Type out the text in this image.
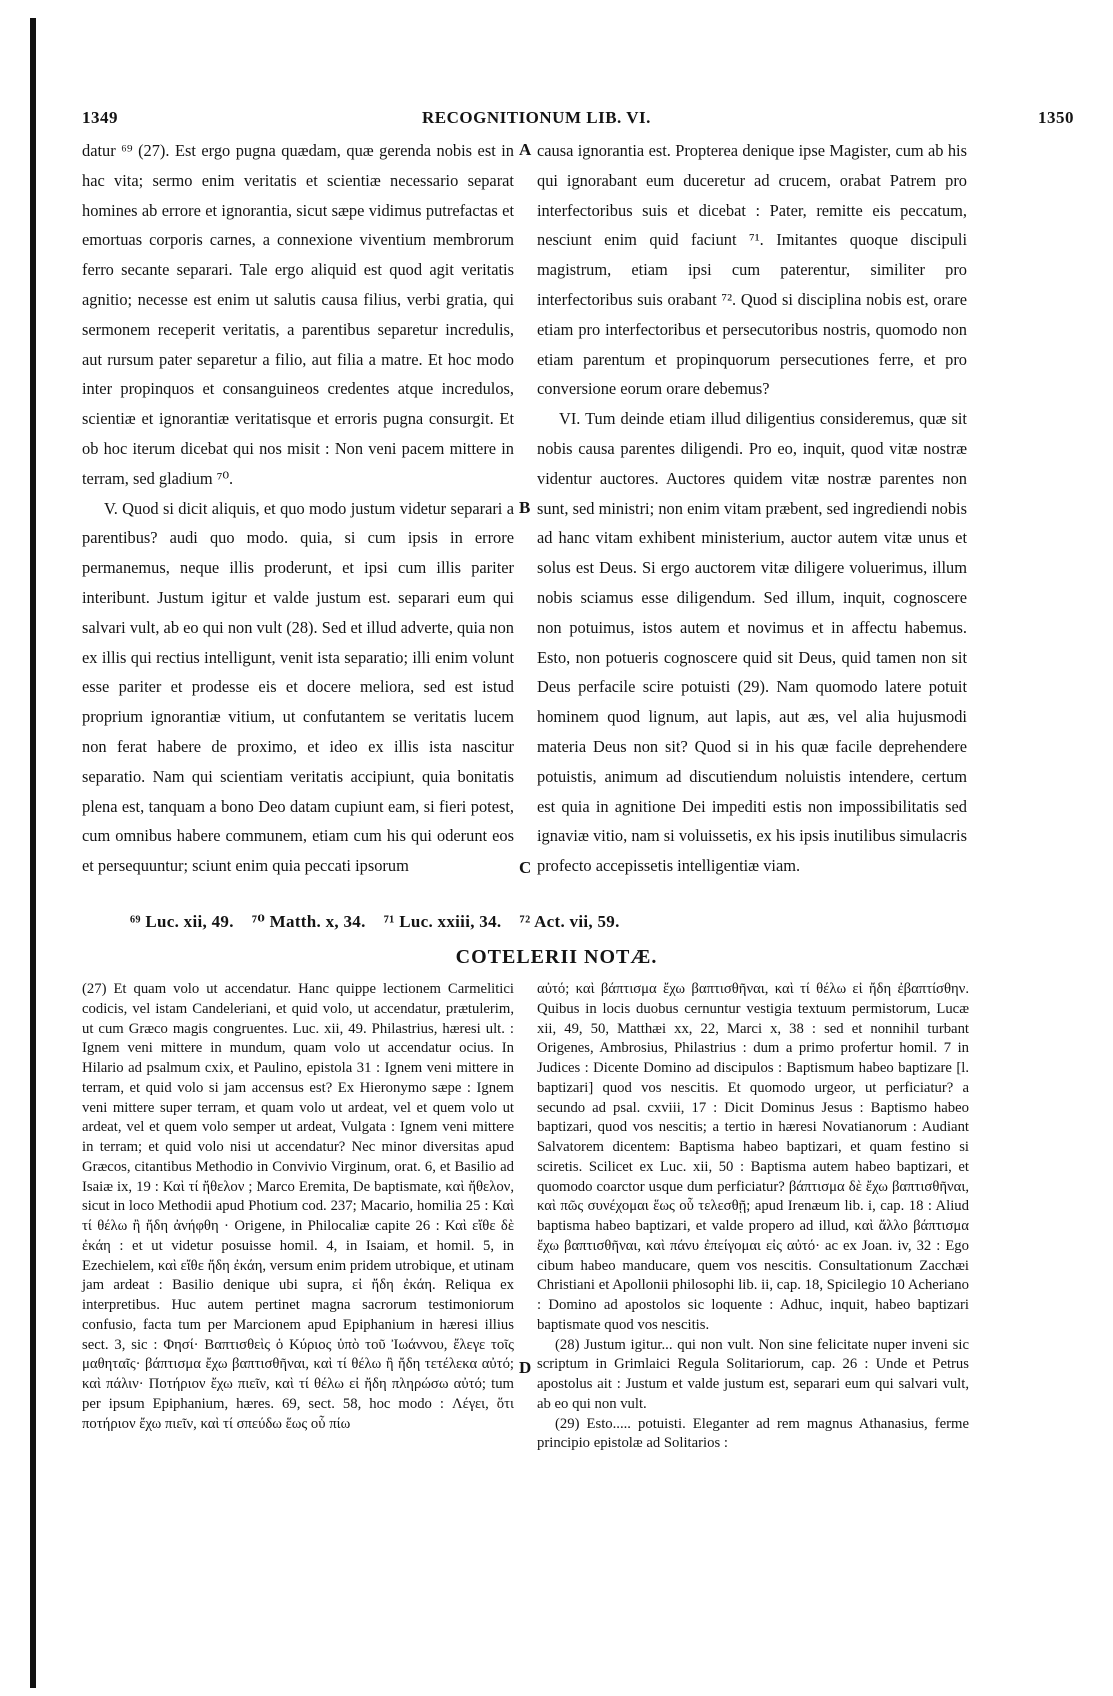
1349	RECOGNITIONUM LIB. VI.	1350

datur ⁶⁹ (27). Est ergo pugna quædam, quæ gerenda nobis est in hac vita; sermo enim veritatis et scientiæ necessario separat homines ab errore et ignorantia, sicut sæpe vidimus putrefactas et emortuas corporis carnes, a connexione viventium membrorum ferro secante separari. Tale ergo aliquid est quod agit veritatis agnitio; necesse est enim ut salutis causa filius, verbi gratia, qui sermonem receperit veritatis, a parentibus separetur incredulis, aut rursum pater separetur a filio, aut filia a matre. Et hoc modo inter propinquos et consanguineos credentes atque incredulos, scientiæ et ignorantiæ veritatisque et erroris pugna consurgit. Et ob hoc iterum dicebat qui nos misit : Non veni pacem mittere in terram, sed gladium ⁷⁰.

V. Quod si dicit aliquis, et quo modo justum videtur separari a parentibus? audi quo modo. quia, si cum ipsis in errore permanemus, neque illis proderunt, et ipsi cum illis pariter interibunt. Justum igitur et valde justum est. separari eum qui salvari vult, ab eo qui non vult (28). Sed et illud adverte, quia non ex illis qui rectius intelligunt, venit ista separatio; illi enim volunt esse pariter et prodesse eis et docere meliora, sed est istud proprium ignorantiæ vitium, ut confutantem se veritatis lucem non ferat habere de proximo, et ideo ex illis ista nascitur separatio. Nam qui scientiam veritatis accipiunt, quia bonitatis plena est, tanquam a bono Deo datam cupiunt eam, si fieri potest, cum omnibus habere communem, etiam cum his qui oderunt eos et persequuntur; sciunt enim quia peccati ipsorum

causa ignorantia est. Propterea denique ipse Magister, cum ab his qui ignorabant eum duceretur ad crucem, orabat Patrem pro interfectoribus suis et dicebat : Pater, remitte eis peccatum, nesciunt enim quid faciunt ⁷¹. Imitantes quoque discipuli magistrum, etiam ipsi cum paterentur, similiter pro interfectoribus suis orabant ⁷². Quod si disciplina nobis est, orare etiam pro interfectoribus et persecutoribus nostris, quomodo non etiam parentum et propinquorum persecutiones ferre, et pro conversione eorum orare debemus?

VI. Tum deinde etiam illud diligentius consideremus, quæ sit nobis causa parentes diligendi. Pro eo, inquit, quod vitæ nostræ videntur auctores. Auctores quidem vitæ nostræ parentes non sunt, sed ministri; non enim vitam præbent, sed ingrediendi nobis ad hanc vitam exhibent ministerium, auctor autem vitæ unus et solus est Deus. Si ergo auctorem vitæ diligere voluerimus, illum nobis sciamus esse diligendum. Sed illum, inquit, cognoscere non potuimus, istos autem et novimus et in affectu habemus. Esto, non potueris cognoscere quid sit Deus, quid tamen non sit Deus perfacile scire potuisti (29). Nam quomodo latere potuit hominem quod lignum, aut lapis, aut æs, vel alia hujusmodi materia Deus non sit? Quod si in his quæ facile deprehendere potuistis, animum ad discutiendum noluistis intendere, certum est quia in agnitione Dei impediti estis non impossibilitatis sed ignaviæ vitio, nam si voluissetis, ex his ipsis inutilibus simulacris profecto accepissetis intelligentiæ viam.

A
B
C
D
⁶⁹ Luc. xii, 49. ⁷⁰ Matth. x, 34. ⁷¹ Luc. xxiii, 34. ⁷² Act. vii, 59.
COTELERII NOTÆ.

(27) Et quam volo ut accendatur. Hanc quippe lectionem Carmelitici codicis, vel istam Candeleriani, et quid volo, ut accendatur, prætulerim, ut cum Græco magis congruentes. Luc. xii, 49. Philastrius, hæresi ult. : Ignem veni mittere in mundum, quam volo ut accendatur ocius. In Hilario ad psalmum cxix, et Paulino, epistola 31 : Ignem veni mittere in terram, et quid volo si jam accensus est? Ex Hieronymo sæpe : Ignem veni mittere super terram, et quam volo ut ardeat, vel et quem volo ut ardeat, vel et quem volo semper ut ardeat, Vulgata : Ignem veni mittere in terram; et quid volo nisi ut accendatur? Nec minor diversitas apud Græcos, citantibus Methodio in Convivio Virginum, orat. 6, et Basilio ad Isaiæ ix, 19 : Καὶ τί ἤθελον ; Marco Eremita, De baptismate, καὶ ἤθελον, sicut in loco Methodii apud Photium cod. 237; Macario, homilia 25 : Καὶ τί θέλω ἢ ἤδη ἀνήφθη · Origene, in Philocaliæ capite 26 : Καὶ εἴθε δὲ ἐκάη : et ut videtur posuisse homil. 4, in Isaiam, et homil. 5, in Ezechielem, καὶ εἴθε ἤδη ἐκάη, versum enim pridem utrobique, et utinam jam ardeat : Basilio denique ubi supra, εἰ ἤδη ἐκάη. Reliqua ex interpretibus. Huc autem pertinet magna sacrorum testimoniorum confusio, facta tum per Marcionem apud Epiphanium in hæresi illius sect. 3, sic : Φησί· Βαπτισθεὶς ὁ Κύριος ὑπὸ τοῦ Ἰωάννου, ἔλεγε τοῖς μαθηταῖς· βάπτισμα ἔχω βαπτισθῆναι, καὶ τί θέλω ἢ ἤδη τετέλεκα αὐτό; καὶ πάλιν· Ποτήριον ἔχω πιεῖν, καὶ τί θέλω εἰ ἤδη πληρώσω αὐτό; tum per ipsum Epiphanium, hæres. 69, sect. 58, hoc modo : Λέγει, ὅτι ποτήριον ἔχω πιεῖν, καὶ τί σπεύδω ἕως οὗ πίω

αὐτό; καὶ βάπτισμα ἔχω βαπτισθῆναι, καὶ τί θέλω εἰ ἤδη ἐβαπτίσθην. Quibus in locis duobus cernuntur vestigia textuum permistorum, Lucæ xii, 49, 50, Matthæi xx, 22, Marci x, 38 : sed et nonnihil turbant Origenes, Ambrosius, Philastrius : dum a primo profertur homil. 7 in Judices : Dicente Domino ad discipulos : Baptismum habeo baptizare [l. baptizari] quod vos nescitis. Et quomodo urgeor, ut perficiatur? a secundo ad psal. cxviii, 17 : Dicit Dominus Jesus : Baptismo habeo baptizari, quod vos nescitis; a tertio in hæresi Novatianorum : Audiant Salvatorem dicentem: Baptisma habeo baptizari, et quam festino si sciretis. Scilicet ex Luc. xii, 50 : Baptisma autem habeo baptizari, et quomodo coarctor usque dum perficiatur? βάπτισμα δὲ ἔχω βαπτισθῆναι, καὶ πῶς συνέχομαι ἕως οὗ τελεσθῇ; apud Irenæum lib. i, cap. 18 : Aliud baptisma habeo baptizari, et valde propero ad illud, καὶ ἄλλο βάπτισμα ἔχω βαπτισθῆναι, καὶ πάνυ ἐπείγομαι εἰς αὐτό· ac ex Joan. iv, 32 : Ego cibum habeo manducare, quem vos nescitis. Consultationum Zacchæi Christiani et Apollonii philosophi lib. ii, cap. 18, Spicilegio 10 Acheriano : Domino ad apostolos sic loquente : Adhuc, inquit, habeo baptizari baptismate quod vos nescitis.

(28) Justum igitur... qui non vult. Non sine felicitate nuper inveni sic scriptum in Grimlaici Regula Solitariorum, cap. 26 : Unde et Petrus apostolus ait : Justum et valde justum est, separari eum qui salvari vult, ab eo qui non vult.

(29) Esto..... potuisti. Eleganter ad rem magnus Athanasius, ferme principio epistolæ ad Solitarios :
